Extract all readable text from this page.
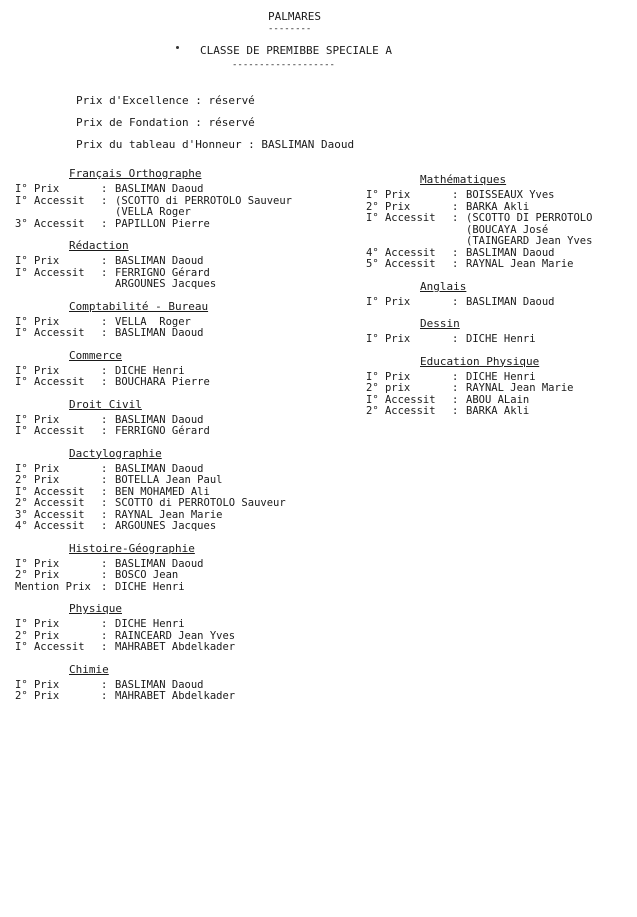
PALMARES
--------
CLASSE DE PREMIBBE SPECIALE A
-------------------
Prix d'Excellence : réservé
Prix de Fondation : réservé
Prix du tableau d'Honneur : BASLIMAN Daoud
Français Orthographe
I° Prix	: BASLIMAN Daoud
I° Accessit : (SCOTTO di PERROTOLO Sauveur
(VELLA Roger
3° Accessit : PAPILLON Pierre
Rédaction
I° Prix	: BASLIMAN Daoud
I° Accessit : FERRIGNO Gérard
ARGOUNES Jacques
Comptabilité - Bureau
I° Prix	: VELLA  Roger
I° Accessit : BASLIMAN Daoud
Commerce
I° Prix	: DICHE Henri
I° Accessit : BOUCHARA Pierre
Droit Civil
I° Prix	: BASLIMAN Daoud
I° Accessit : FERRIGNO Gérard
Dactylographie
I° Prix	: BASLIMAN Daoud
2° Prix	: BOTELLA Jean Paul
I° Accessit : BEN MOHAMED Ali
2° Accessit : SCOTTO di PERROTOLO Sauveur
3° Accessit : RAYNAL Jean Marie
4° Accessit : ARGOUNES Jacques
Histoire-Géographie
I° Prix	: BASLIMAN Daoud
2° Prix	: BOSCO Jean
Mention Prix : DICHE Henri
Physique
I° Prix	: DICHE Henri
2° Prix	: RAINCEARD Jean Yves
I° Accessit : MAHRABET Abdelkader
Chimie
I° Prix	: BASLIMAN Daoud
2° Prix	: MAHRABET Abdelkader
Mathématiques
I° Prix	: BOISSEAUX Yves
2° Prix	: BARKA Akli
I° Accessit : (SCOTTO DI PERROTOLO
(BOUCAYA José
(TAINGEARD Jean Yves
4° Accessit : BASLIMAN Daoud
5° Accessit : RAYNAL Jean Marie
Anglais
I° Prix	: BASLIMAN Daoud
Dessin
I° Prix	: DICHE Henri
Education Physique
I° Prix	: DICHE Henri
2° prix	: RAYNAL Jean Marie
I° Accessit : ABOU ALain
2° Accessit : BARKA Akli
